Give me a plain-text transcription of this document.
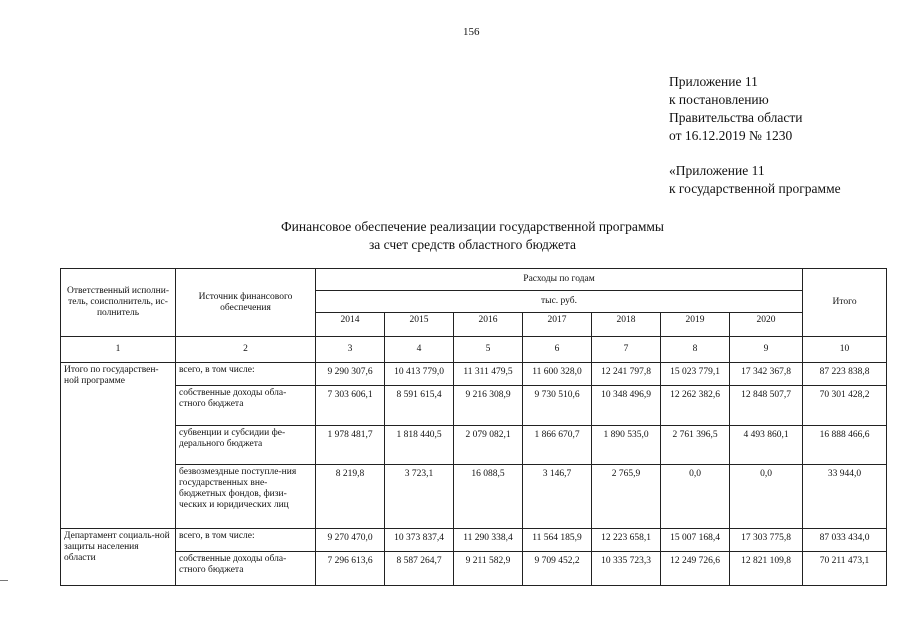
156
Приложение 11
к постановлению
Правительства области
от 16.12.2019 № 1230
«Приложение 11
к государственной программе
Финансовое обеспечение реализации государственной программы
за счет средств областного бюджета
Ответственный исполни-тель, соисполнитель, ис-полнитель	Источник финансового обеспечения	Расходы по годам							Итого
		тыс. руб.							
		2014	2015	2016	2017	2018	2019	2020	
1	2	3	4	5	6	7	8	9	10
Итого по государствен-ной программе	всего, в том числе:	9 290 307,6	10 413 779,0	11 311 479,5	11 600 328,0	12 241 797,8	15 023 779,1	17 342 367,8	87 223 838,8
	собственные доходы обла-стного бюджета	7 303 606,1	8 591 615,4	9 216 308,9	9 730 510,6	10 348 496,9	12 262 382,6	12 848 507,7	70 301 428,2
	субвенции и субсидии фе-дерального бюджета	1 978 481,7	1 818 440,5	2 079 082,1	1 866 670,7	1 890 535,0	2 761 396,5	4 493 860,1	16 888 466,6
	безвозмездные поступле-ния государственных вне-бюджетных фондов, физи-ческих и юридических лиц	8 219,8	3 723,1	16 088,5	3 146,7	2 765,9	0,0	0,0	33 944,0
Департамент социаль-ной защиты населения области	всего, в том числе:	9 270 470,0	10 373 837,4	11 290 338,4	11 564 185,9	12 223 658,1	15 007 168,4	17 303 775,8	87 033 434,0
	собственные доходы обла-стного бюджета	7 296 613,6	8 587 264,7	9 211 582,9	9 709 452,2	10 335 723,3	12 249 726,6	12 821 109,8	70 211 473,1
